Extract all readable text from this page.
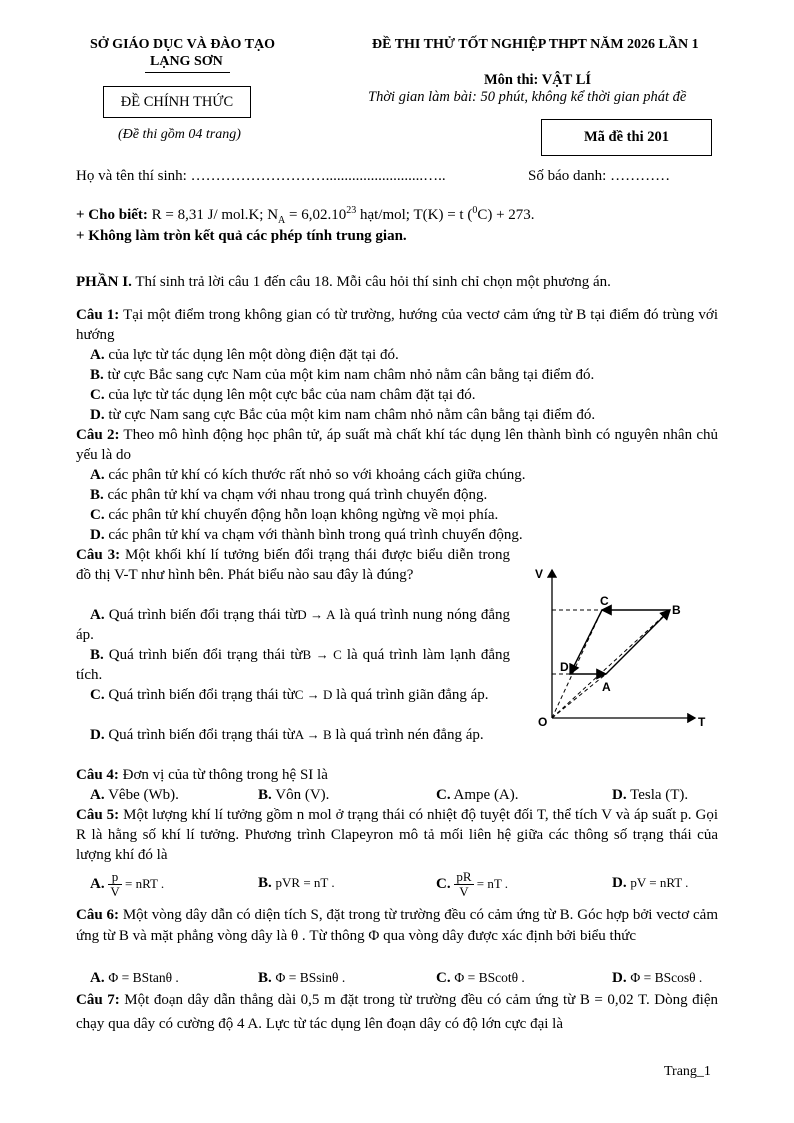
SỞ GIÁO DỤC VÀ ĐÀO TẠO
LẠNG SƠN
ĐỀ CHÍNH THỨC
(Đề thi gồm 04 trang)
ĐỀ THI THỬ TỐT NGHIỆP THPT NĂM 2026 LẦN 1
Môn thi: VẬT LÍ
Thời gian làm bài: 50 phút, không kể thời gian phát đề
Mã đề thi 201
Họ và tên thí sinh: ………………………..........................…..	Số báo danh: …………
+ Cho biết: R = 8,31 J/ mol.K; $N_A = 6,02.10^{23}$ hạt/mol; T(K) = t ($^0$C) + 273.
+ Không làm tròn kết quả các phép tính trung gian.
PHẦN I. Thí sinh trả lời câu 1 đến câu 18. Mỗi câu hỏi thí sinh chỉ chọn một phương án.
Câu 1: Tại một điểm trong không gian có từ trường, hướng của vectơ cảm ứng từ B tại điểm đó trùng với hướng
A. của lực từ tác dụng lên một dòng điện đặt tại đó.
B. từ cực Bắc sang cực Nam của một kim nam châm nhỏ nằm cân bằng tại điểm đó.
C. của lực từ tác dụng lên một cực bắc của nam châm đặt tại đó.
D. từ cực Nam sang cực Bắc của một kim nam châm nhỏ nằm cân bằng tại điểm đó.
Câu 2: Theo mô hình động học phân tử, áp suất mà chất khí tác dụng lên thành bình có nguyên nhân chủ yếu là do
A. các phân tử khí có kích thước rất nhỏ so với khoảng cách giữa chúng.
B. các phân tử khí va chạm với nhau trong quá trình chuyển động.
C. các phân tử khí chuyển động hỗn loạn không ngừng về mọi phía.
D. các phân tử khí va chạm với thành bình trong quá trình chuyển động.
Câu 3: Một khối khí lí tưởng biến đổi trạng thái được biểu diễn trong đồ thị V-T như hình bên. Phát biểu nào sau đây là đúng?
A. Quá trình biến đổi trạng thái từD → A là quá trình nung nóng đẳng áp.
B. Quá trình biến đổi trạng thái từB → C là quá trình làm lạnh đẳng tích.
C. Quá trình biến đổi trạng thái từC → D là quá trình giãn đẳng áp.
D. Quá trình biến đổi trạng thái từA → B là quá trình nén đẳng áp.
V
T
O
C
B
D
A
Câu 4: Đơn vị của từ thông trong hệ SI là
A. Vêbe (Wb).	B. Vôn (V).	C. Ampe (A).	D. Tesla (T).
Câu 5: Một lượng khí lí tưởng gồm n mol ở trạng thái có nhiệt độ tuyệt đối T, thể tích V và áp suất p. Gọi R là hằng số khí lí tưởng. Phương trình Clapeyron mô tả mối liên hệ giữa các thông số trạng thái của lượng khí đó là
A. $\frac{p}{V}$ = nRT .	B. pVR = nT .	C. $\frac{pR}{V}$ = nT .	D. pV = nRT .
Câu 6: Một vòng dây dẫn có diện tích S, đặt trong từ trường đều có cảm ứng từ B. Góc hợp bởi vectơ cảm ứng từ B và mặt phẳng vòng dây là θ . Từ thông Φ qua vòng dây được xác định bởi biểu thức
A. Φ = BStanθ .	B. Φ = BSsinθ .	C. Φ = BScotθ .	D. Φ = BScosθ .
Câu 7: Một đoạn dây dẫn thẳng dài 0,5 m đặt trong từ trường đều có cảm ứng từ B = 0,02 T. Dòng điện chạy qua dây có cường độ 4 A. Lực từ tác dụng lên đoạn dây có độ lớn cực đại là
Trang_1
